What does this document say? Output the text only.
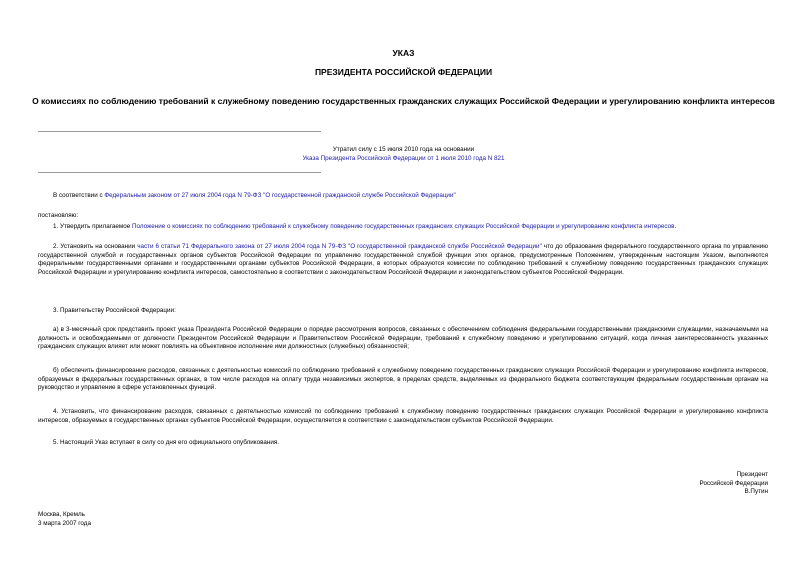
УКАЗ
ПРЕЗИДЕНТА РОССИЙСКОЙ ФЕДЕРАЦИИ
О комиссиях по соблюдению требований к служебному поведению государственных гражданских служащих Российской Федерации и урегулированию конфликта интересов
Утратил силу с 15 июля 2010 года на основании
Указа Президента Российской Федерации от 1 июля 2010 года N 821
В соответствии с Федеральным законом от 27 июля 2004 года N 79-ФЗ "О государственной гражданской службе Российской Федерации"
постановляю:
1. Утвердить прилагаемое Положение о комиссиях по соблюдению требований к служебному поведению государственных гражданских служащих Российской Федерации и урегулированию конфликта интересов.
2. Установить на основании части 6 статьи 71 Федерального закона от 27 июля 2004 года N 79-ФЗ "О государственной гражданской службе Российской Федерации" что до образования федерального государственного органа по управлению государственной службой и государственных органов субъектов Российской Федерации по управлению государственной службой функции этих органов, предусмотренные Положением, утвержденным настоящим Указом, выполняются федеральными государственными органами и государственными органами субъектов Российской Федерации, в которых образуются комиссии по соблюдению требований к служебному поведению государственных гражданских служащих Российской Федерации и урегулированию конфликта интересов, самостоятельно в соответствии с законодательством Российской Федерации и законодательством субъектов Российской Федерации.
3. Правительству Российской Федерации:
а) в 3-месячный срок представить проект указа Президента Российской Федерации о порядке рассмотрения вопросов, связанных с обеспечением соблюдения федеральными государственными гражданскими служащими, назначаемыми на должность и освобождаемыми от должности Президентом Российской Федерации и Правительством Российской Федерации, требований к служебному поведению и урегулированию ситуаций, когда личная заинтересованность указанных гражданских служащих влияет или может повлиять на объективное исполнение ими должностных (служебных) обязанностей;
б) обеспечить финансирование расходов, связанных с деятельностью комиссий по соблюдению требований к служебному поведению государственных гражданских служащих Российской Федерации и урегулированию конфликта интересов, образуемых в федеральных государственных органах, в том числе расходов на оплату труда независимых экспертов, в пределах средств, выделяемых из федерального бюджета соответствующим федеральным государственным органам на руководство и управление в сфере установленных функций.
4. Установить, что финансирование расходов, связанных с деятельностью комиссий по соблюдению требований к служебному поведению государственных гражданских служащих Российской Федерации и урегулированию конфликта интересов, образуемых в государственных органах субъектов Российской Федерации, осуществляется в соответствии с законодательством субъектов Российской Федерации.
5. Настоящий Указ вступает в силу со дня его официального опубликования.
Президент
Российской Федерации
В.Путин
Москва, Кремль
3 марта 2007 года
